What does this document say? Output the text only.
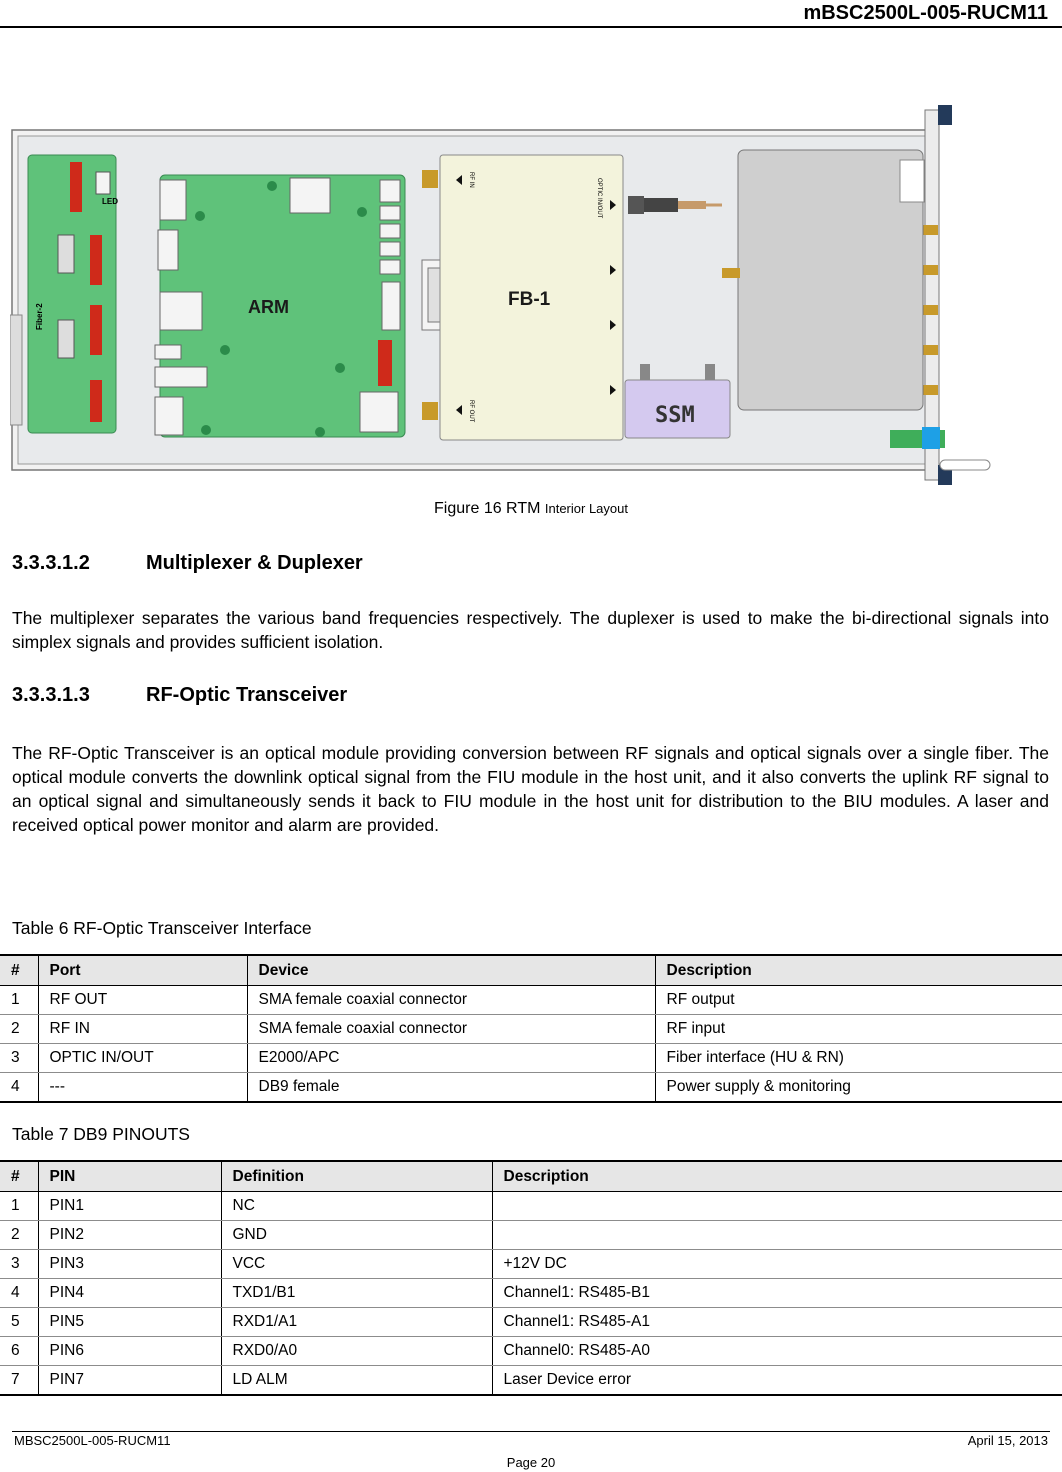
mBSC2500L-005-RUCM11
LED
Fiber-2	ARM	FB-1
RF IN
RF OUT
OPTIC IN/OUT
SSM
Figure 16 RTM Interior Layout
3.3.3.1.2	Multiplexer & Duplexer

The multiplexer separates the various band frequencies respectively. The duplexer is used to make the bi-directional signals into simplex signals and provides sufficient isolation.

3.3.3.1.3	RF-Optic Transceiver

The RF-Optic Transceiver is an optical module providing conversion between RF signals and optical signals over a single fiber. The optical module converts the downlink optical signal from the FIU module in the host unit, and it also converts the uplink RF signal to an optical signal and simultaneously sends it back to FIU module in the host unit for distribution to the BIU modules. A laser and received optical power monitor and alarm are provided.

Table 6 RF-Optic Transceiver Interface
#	Port	Device	Description
1	RF OUT	SMA female coaxial connector	RF output
2	RF IN	SMA female coaxial connector	RF input
3	OPTIC IN/OUT	E2000/APC	Fiber interface (HU & RN)
4	---	DB9 female	Power supply & monitoring
Table 7 DB9 PINOUTS
#	PIN	Definition	Description
1	PIN1	NC	
2	PIN2	GND	
3	PIN3	VCC	+12V DC
4	PIN4	TXD1/B1	Channel1: RS485-B1
5	PIN5	RXD1/A1	Channel1: RS485-A1
6	PIN6	RXD0/A0	Channel0: RS485-A0
7	PIN7	LD ALM	Laser Device error
MBSC2500L-005-RUCM11	April 15, 2013
Page 20
